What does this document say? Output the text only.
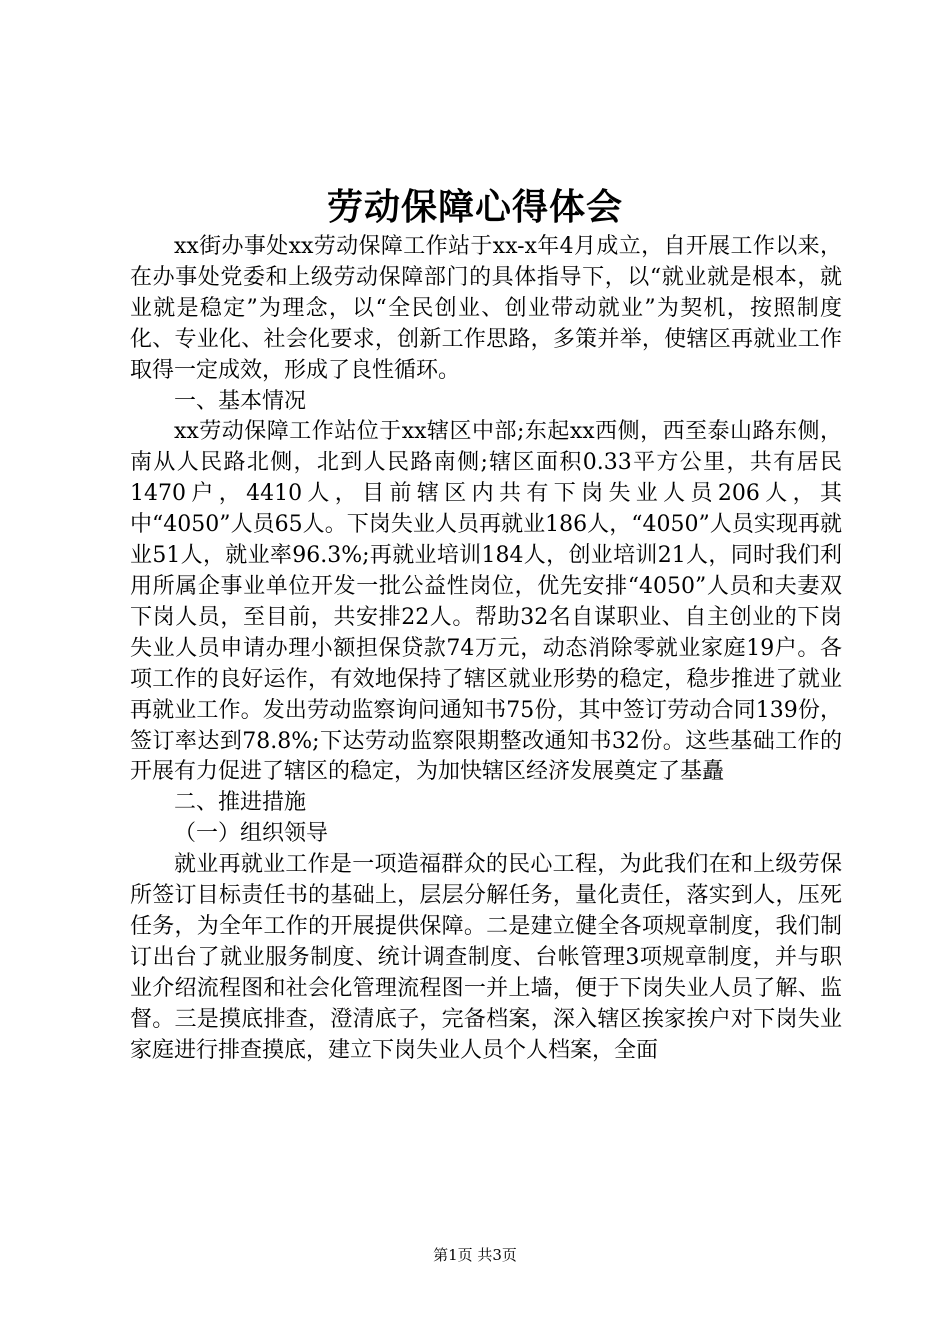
劳动保障心得体会

xx街办事处xx劳动保障工作站于xx-x年4月成立，自开展工作以来，在办事处党委和上级劳动保障部门的具体指导下，以“就业就是根本，就业就是稳定”为理念，以“全民创业、创业带动就业”为契机，按照制度化、专业化、社会化要求，创新工作思路，多策并举，使辖区再就业工作取得一定成效，形成了良性循环。

一、基本情况

xx劳动保障工作站位于xx辖区中部;东起xx西侧，西至泰山路东侧，南从人民路北侧，北到人民路南侧;辖区面积0.33平方公里，共有居民1470户，4410人，目前辖区内共有下岗失业人员206人，其中“4050”人员65人。下岗失业人员再就业186人，“4050”人员实现再就业51人，就业率96.3%;再就业培训184人，创业培训21人，同时我们利用所属企事业单位开发一批公益性岗位，优先安排“4050”人员和夫妻双下岗人员，至目前，共安排22人。帮助32名自谋职业、自主创业的下岗失业人员申请办理小额担保贷款74万元，动态消除零就业家庭19户。各项工作的良好运作，有效地保持了辖区就业形势的稳定，稳步推进了就业再就业工作。发出劳动监察询问通知书75份，其中签订劳动合同139份，签订率达到78.8%;下达劳动监察限期整改通知书32份。这些基础工作的开展有力促进了辖区的稳定，为加快辖区经济发展奠定了基矗

二、推进措施

（一）组织领导

就业再就业工作是一项造福群众的民心工程，为此我们在和上级劳保所签订目标责任书的基础上，层层分解任务，量化责任，落实到人，压死任务，为全年工作的开展提供保障。二是建立健全各项规章制度，我们制订出台了就业服务制度、统计调查制度、台帐管理3项规章制度，并与职业介绍流程图和社会化管理流程图一并上墙，便于下岗失业人员了解、监督。三是摸底排查，澄清底子，完备档案，深入辖区挨家挨户对下岗失业家庭进行排查摸底，建立下岗失业人员个人档案，全面

第1页 共3页
